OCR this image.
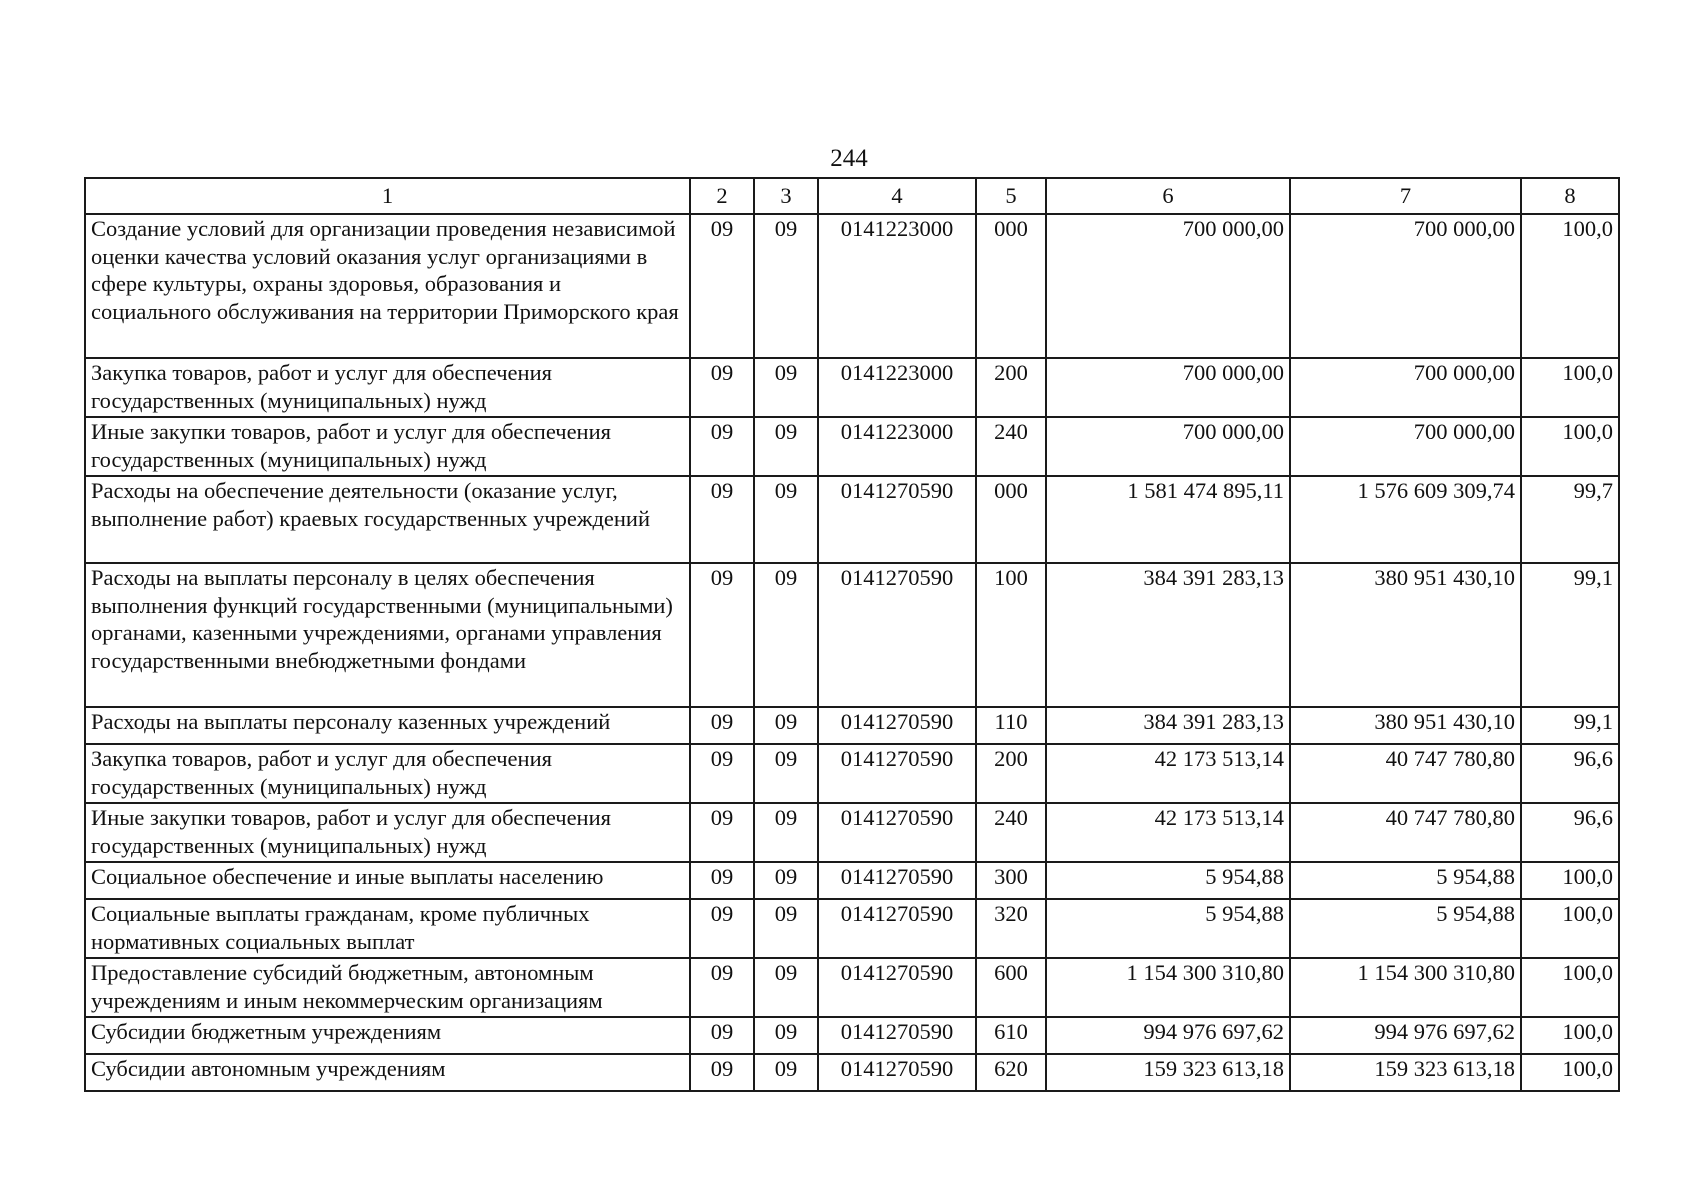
244
1	2	3	4	5	6	7	8
Создание условий для организации проведения независимой оценки качества условий оказания услуг организациями в сфере культуры, охраны здоровья, образования и социального обслуживания на территории Приморского края	09	09	0141223000	000	700 000,00	700 000,00	100,0
Закупка товаров, работ и услуг для обеспечения государственных (муниципальных) нужд	09	09	0141223000	200	700 000,00	700 000,00	100,0
Иные закупки товаров, работ и услуг для обеспечения государственных (муниципальных) нужд	09	09	0141223000	240	700 000,00	700 000,00	100,0
Расходы на обеспечение деятельности (оказание услуг, выполнение работ) краевых государственных учреждений	09	09	0141270590	000	1 581 474 895,11	1 576 609 309,74	99,7
Расходы на выплаты персоналу в целях обеспечения выполнения функций государственными (муниципальными) органами, казенными учреждениями, органами управления государственными внебюджетными фондами	09	09	0141270590	100	384 391 283,13	380 951 430,10	99,1
Расходы на выплаты персоналу казенных учреждений	09	09	0141270590	110	384 391 283,13	380 951 430,10	99,1
Закупка товаров, работ и услуг для обеспечения государственных (муниципальных) нужд	09	09	0141270590	200	42 173 513,14	40 747 780,80	96,6
Иные закупки товаров, работ и услуг для обеспечения государственных (муниципальных) нужд	09	09	0141270590	240	42 173 513,14	40 747 780,80	96,6
Социальное обеспечение и иные выплаты населению	09	09	0141270590	300	5 954,88	5 954,88	100,0
Социальные выплаты гражданам, кроме публичных нормативных социальных выплат	09	09	0141270590	320	5 954,88	5 954,88	100,0
Предоставление субсидий бюджетным, автономным учреждениям и иным некоммерческим организациям	09	09	0141270590	600	1 154 300 310,80	1 154 300 310,80	100,0
Субсидии бюджетным учреждениям	09	09	0141270590	610	994 976 697,62	994 976 697,62	100,0
Субсидии автономным учреждениям	09	09	0141270590	620	159 323 613,18	159 323 613,18	100,0
